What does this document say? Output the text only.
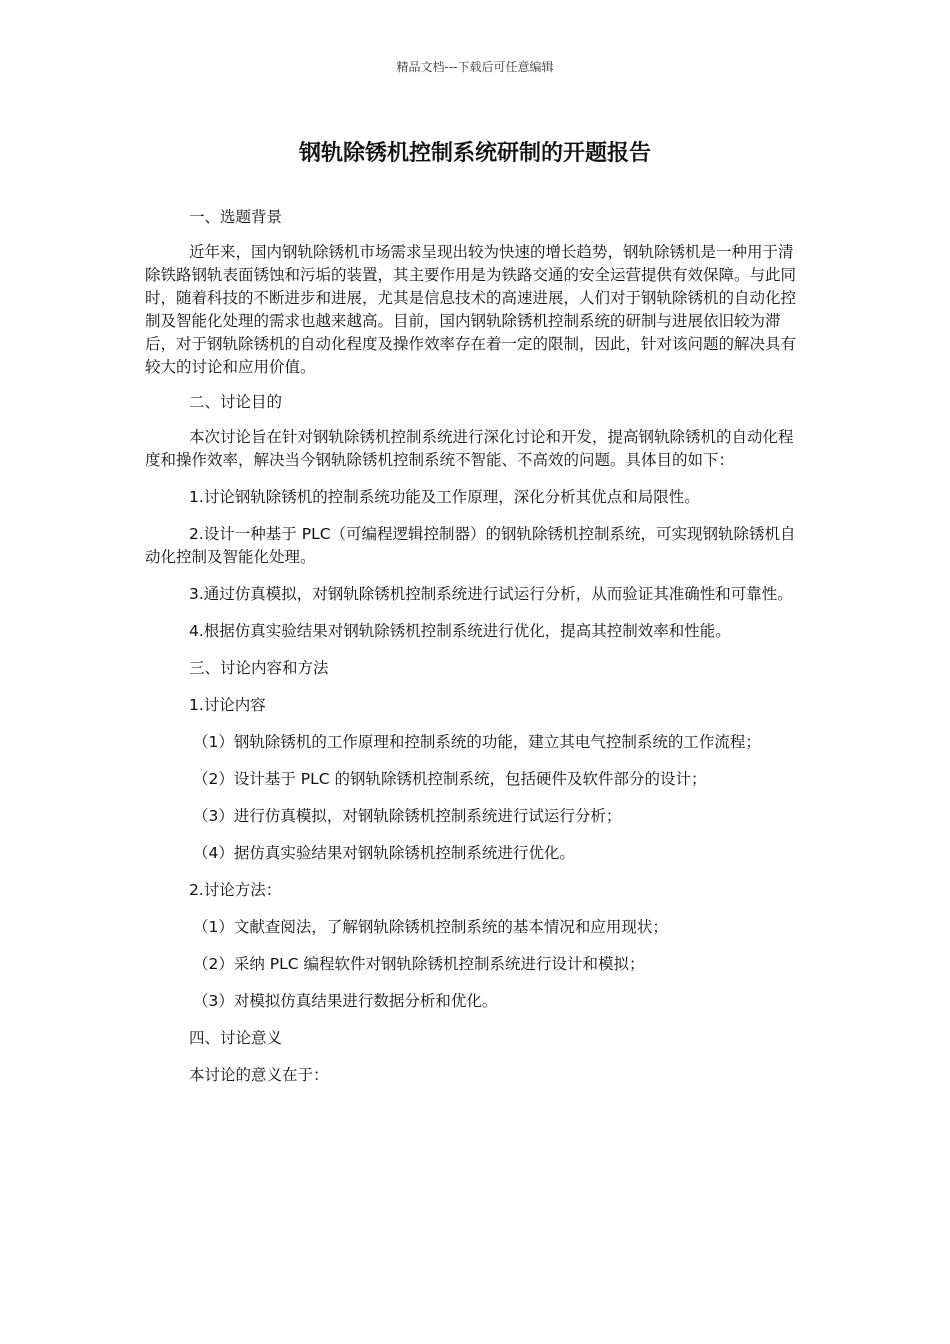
精品文档---下载后可任意编辑
钢轨除锈机控制系统研制的开题报告

一、选题背景

近年来，国内钢轨除锈机市场需求呈现出较为快速的增长趋势，钢轨除锈机是一种用于清除铁路钢轨表面锈蚀和污垢的装置，其主要作用是为铁路交通的安全运营提供有效保障。与此同时，随着科技的不断进步和进展，尤其是信息技术的高速进展，人们对于钢轨除锈机的自动化控制及智能化处理的需求也越来越高。目前，国内钢轨除锈机控制系统的研制与进展依旧较为滞后，对于钢轨除锈机的自动化程度及操作效率存在着一定的限制，因此，针对该问题的解决具有较大的讨论和应用价值。

二、讨论目的

本次讨论旨在针对钢轨除锈机控制系统进行深化讨论和开发，提高钢轨除锈机的自动化程度和操作效率，解决当今钢轨除锈机控制系统不智能、不高效的问题。具体目的如下：

1.讨论钢轨除锈机的控制系统功能及工作原理，深化分析其优点和局限性。

2.设计一种基于 PLC（可编程逻辑控制器）的钢轨除锈机控制系统，可实现钢轨除锈机自动化控制及智能化处理。

3.通过仿真模拟，对钢轨除锈机控制系统进行试运行分析，从而验证其准确性和可靠性。

4.根据仿真实验结果对钢轨除锈机控制系统进行优化，提高其控制效率和性能。

三、讨论内容和方法

1.讨论内容

（1）钢轨除锈机的工作原理和控制系统的功能，建立其电气控制系统的工作流程；

（2）设计基于 PLC 的钢轨除锈机控制系统，包括硬件及软件部分的设计；

（3）进行仿真模拟，对钢轨除锈机控制系统进行试运行分析；

（4）据仿真实验结果对钢轨除锈机控制系统进行优化。

2.讨论方法：

（1）文献查阅法，了解钢轨除锈机控制系统的基本情况和应用现状；

（2）采纳 PLC 编程软件对钢轨除锈机控制系统进行设计和模拟；

（3）对模拟仿真结果进行数据分析和优化。

四、讨论意义

本讨论的意义在于：
